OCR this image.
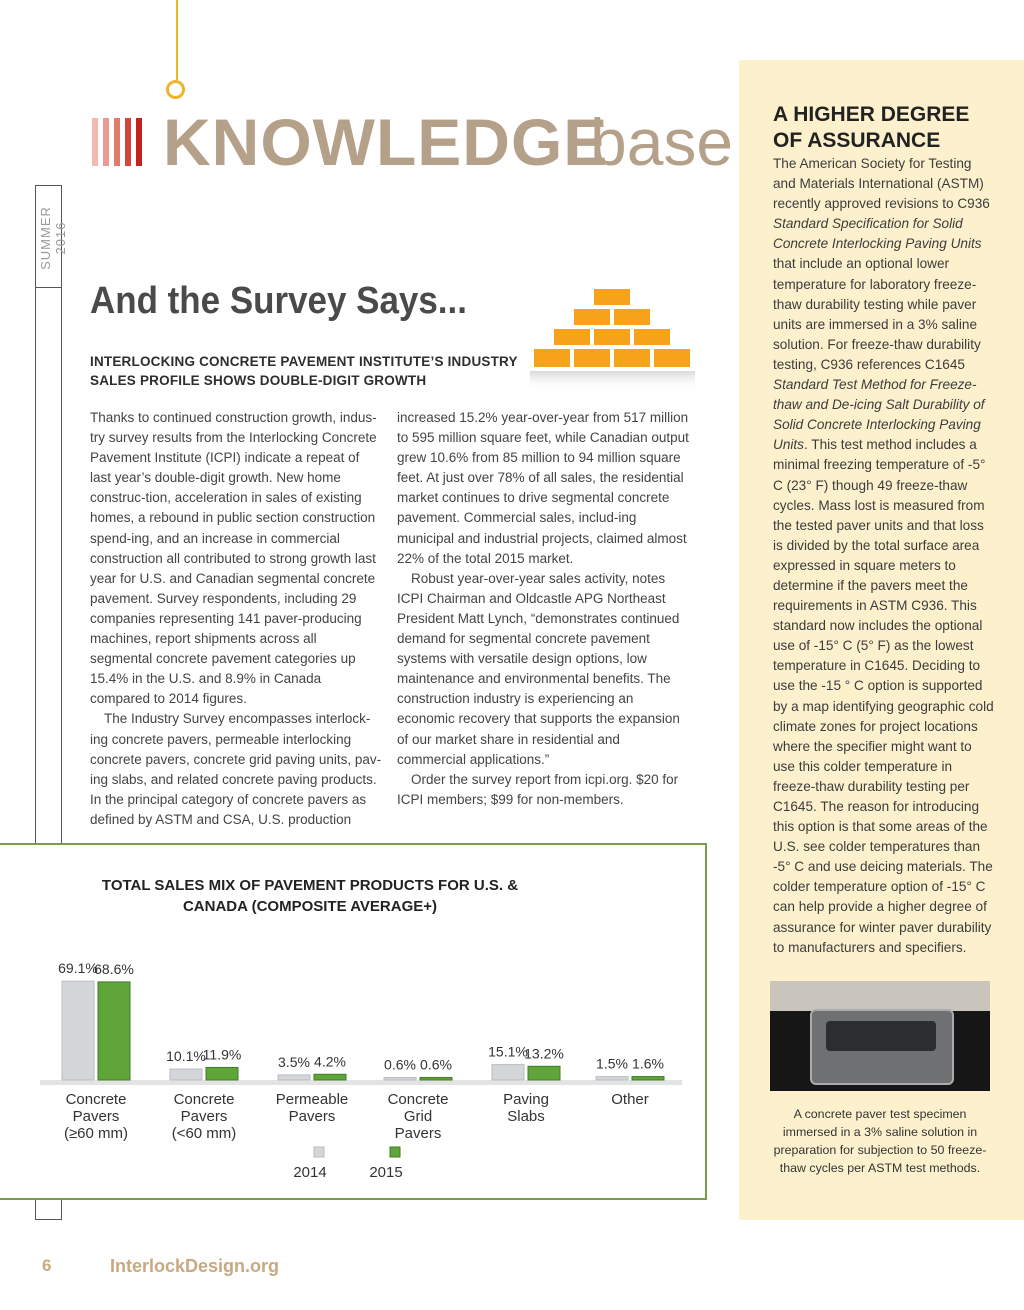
SUMMER 2016
KNOWLEDGE
base
And the Survey Says...
INTERLOCKING CONCRETE PAVEMENT INSTITUTE’S INDUSTRY SALES PROFILE SHOWS DOUBLE-DIGIT GROWTH

Thanks to continued construction growth, indus-try survey results from the Interlocking Concrete Pavement Institute (ICPI) indicate a repeat of last year’s double-digit growth. New home construc-tion, acceleration in sales of existing homes, a rebound in public section construction spend-ing, and an increase in commercial construction all contributed to strong growth last year for U.S. and Canadian segmental concrete pavement. Survey respondents, including 29 companies representing 141 paver-producing machines, report shipments across all segmental concrete pavement categories up 15.4% in the U.S. and 8.9% in Canada compared to 2014 figures.

The Industry Survey encompasses interlock-ing concrete pavers, permeable interlocking concrete pavers, concrete grid paving units, pav-ing slabs, and related concrete paving products. In the principal category of concrete pavers as defined by ASTM and CSA, U.S. production

increased 15.2% year-over-year from 517 million to 595 million square feet, while Canadian output grew 10.6% from 85 million to 94 million square feet. At just over 78% of all sales, the residential market continues to drive segmental concrete pavement. Commercial sales, includ-ing municipal and industrial projects, claimed almost 22% of the total 2015 market.

Robust year-over-year sales activity, notes ICPI Chairman and Oldcastle APG Northeast President Matt Lynch, “demonstrates continued demand for segmental concrete pavement systems with versatile design options, low maintenance and environmental benefits. The construction industry is experiencing an economic recovery that supports the expansion of our market share in residential and commercial applications.”

Order the survey report from icpi.org. $20 for ICPI members; $99 for non-members.

A HIGHER DEGREE OF ASSURANCE
The American Society for Testing and Materials International (ASTM) recently approved revisions to C936 Standard Specification for Solid Concrete Interlocking Paving Units that include an optional lower temperature for laboratory freeze-thaw durability testing while paver units are immersed in a 3% saline solution. For freeze-thaw durability testing, C936 references C1645 Standard Test Method for Freeze-thaw and De-icing Salt Durability of Solid Concrete Interlocking Paving Units. This test method includes a minimal freezing temperature of -5° C (23° F) though 49 freeze-thaw cycles. Mass lost is measured from the tested paver units and that loss is divided by the total surface area expressed in square meters to determine if the pavers meet the requirements in ASTM C936. This standard now includes the optional use of -15° C (5° F) as the lowest temperature in C1645. Deciding to use the -15 ° C option is supported by a map identifying geographic cold climate zones for project locations where the specifier might want to use this colder temperature in freeze-thaw durability testing per C1645. The reason for introducing this option is that some areas of the U.S. see colder temperatures than -5° C and use deicing materials. The colder temperature option of -15° C can help provide a higher degree of assurance for winter paver durability to manufacturers and specifiers.
A concrete paver test specimen immersed in a 3% saline solution in preparation for subjection to 50 freeze-thaw cycles per ASTM test methods.
TOTAL SALES MIX OF PAVEMENT PRODUCTS FOR U.S. & CANADA (COMPOSITE AVERAGE+)
69.1%
68.6%
Concrete
Pavers
(≥60 mm)
10.1%
11.9%
Concrete
Pavers
(<60 mm)
3.5% 4.2%
Permeable
Pavers
0.6% 0.6%
Concrete
Grid
Pavers
15.1%
13.2%
Paving
Slabs
1.5% 1.6%
Other
2014	2015
6	InterlockDesign.org
